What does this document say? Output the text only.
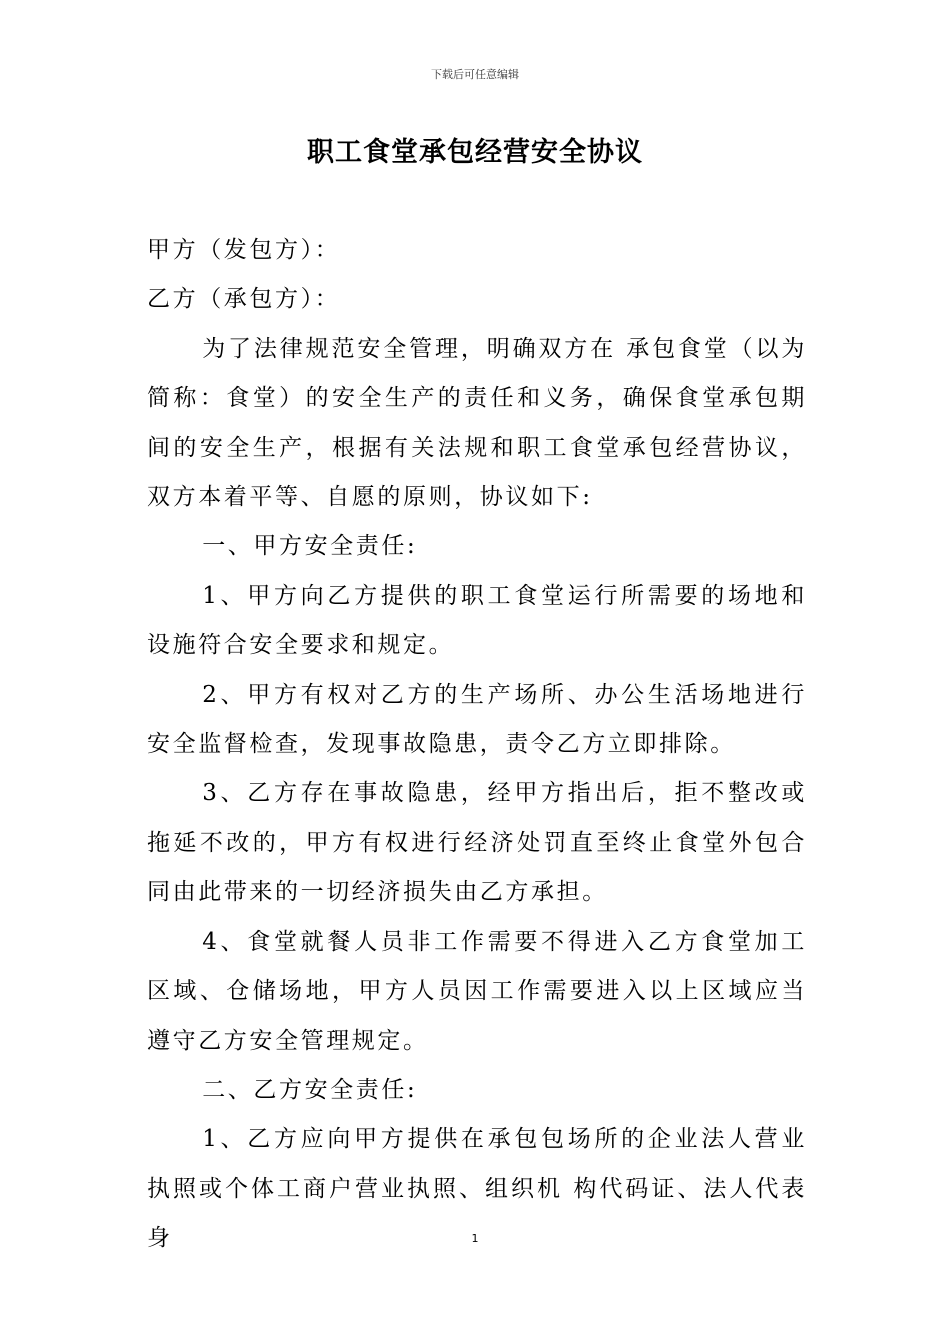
下载后可任意编辑
职工食堂承包经营安全协议

甲方（发包方）：

乙方（承包方）：

为了法律规范安全管理，明确双方在 承包食堂（以为简称：食堂）的安全生产的责任和义务，确保食堂承包期间的安全生产，根据有关法规和职工食堂承包经营协议，双方本着平等、自愿的原则，协议如下:

一、甲方安全责任:

1、甲方向乙方提供的职工食堂运行所需要的场地和设施符合安全要求和规定。

2、甲方有权对乙方的生产场所、办公生活场地进行安全监督检查，发现事故隐患，责令乙方立即排除。

3、乙方存在事故隐患，经甲方指出后，拒不整改或拖延不改的，甲方有权进行经济处罚直至终止食堂外包合同由此带来的一切经济损失由乙方承担。

4、食堂就餐人员非工作需要不得进入乙方食堂加工区域、仓储场地，甲方人员因工作需要进入以上区域应当遵守乙方安全管理规定。

二、乙方安全责任:

1、乙方应向甲方提供在承包包场所的企业法人营业执照或个体工商户营业执照、组织机 构代码证、法人代表身	1
